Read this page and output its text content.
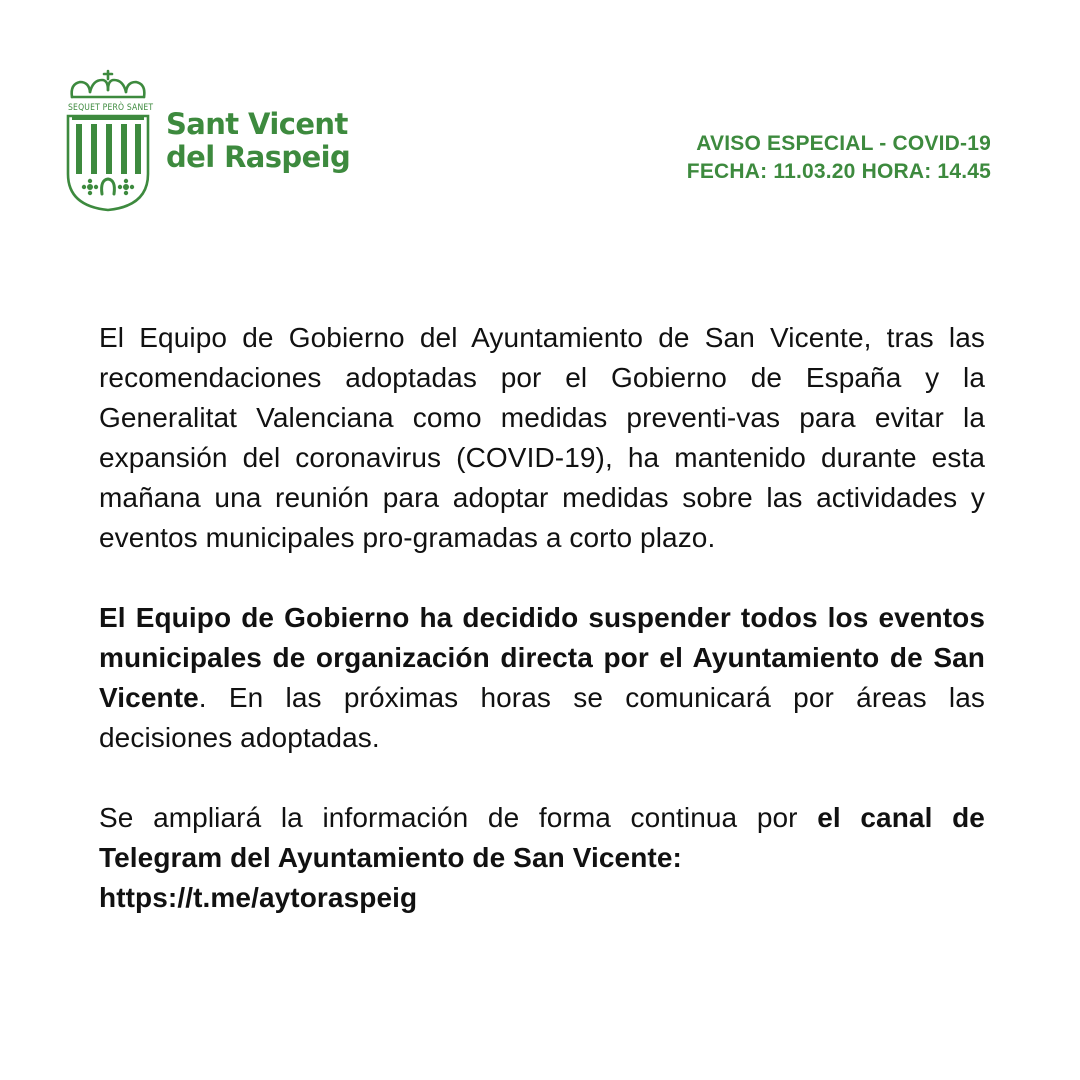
SEQUET PERÒ SANET Sant Vicent
del Raspeig	AVISO ESPECIAL - COVID-19
FECHA: 11.03.20 HORA: 14.45

El Equipo de Gobierno del Ayuntamiento de San Vicente, tras las recomendaciones adoptadas por el Gobierno de España y la Generalitat Valenciana como medidas preventi-vas para evitar la expansión del coronavirus (COVID-19), ha mantenido durante esta mañana una reunión para adoptar medidas sobre las actividades y eventos municipales pro-gramadas a corto plazo.

El Equipo de Gobierno ha decidido suspender todos los eventos municipales de organización directa por el Ayuntamiento de San Vicente. En las próximas horas se comunicará por áreas las decisiones adoptadas.

Se ampliará la información de forma continua por el canal de Telegram del Ayuntamiento de San Vicente:
https://t.me/aytoraspeig
